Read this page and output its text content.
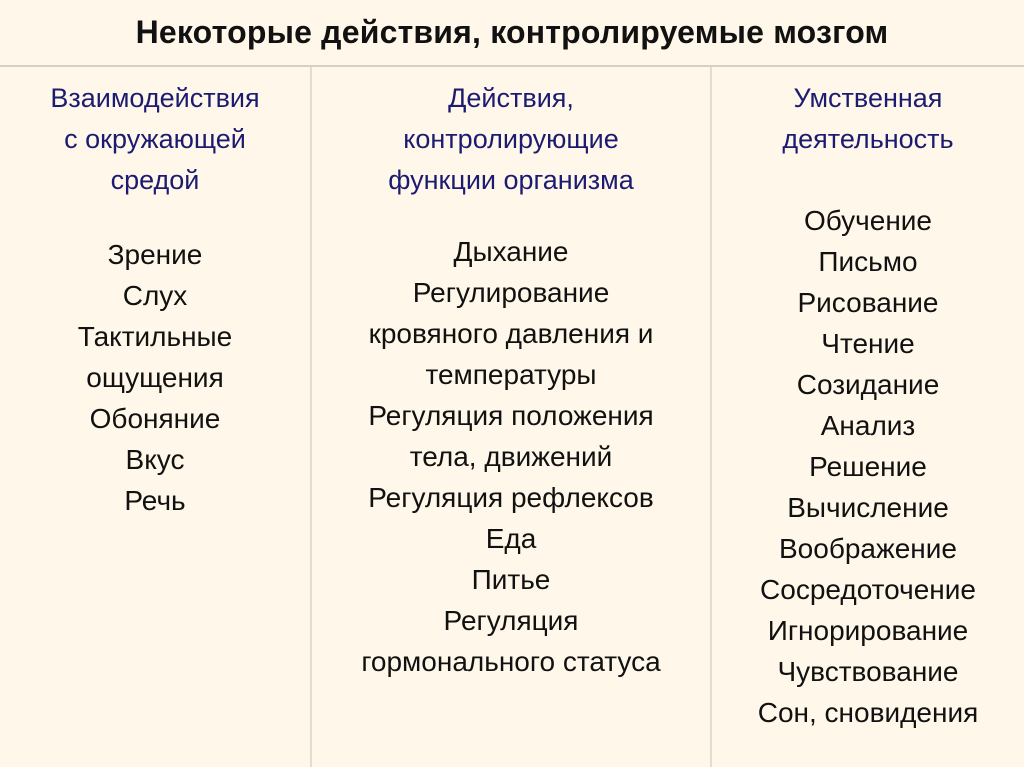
Некоторые действия, контролируемые мозгом
Взаимодействия
с окружающей
средой
Зрение
Слух
Тактильные
ощущения
Обоняние
Вкус
Речь
Действия,
контролирующие
функции организма
Дыхание
Регулирование
кровяного давления и
температуры
Регуляция положения
тела, движений
Регуляция рефлексов
Еда
Питье
Регуляция
гормонального статуса
Умственная
деятельность
Обучение
Письмо
Рисование
Чтение
Созидание
Анализ
Решение
Вычисление
Воображение
Сосредоточение
Игнорирование
Чувствование
Сон, сновидения
